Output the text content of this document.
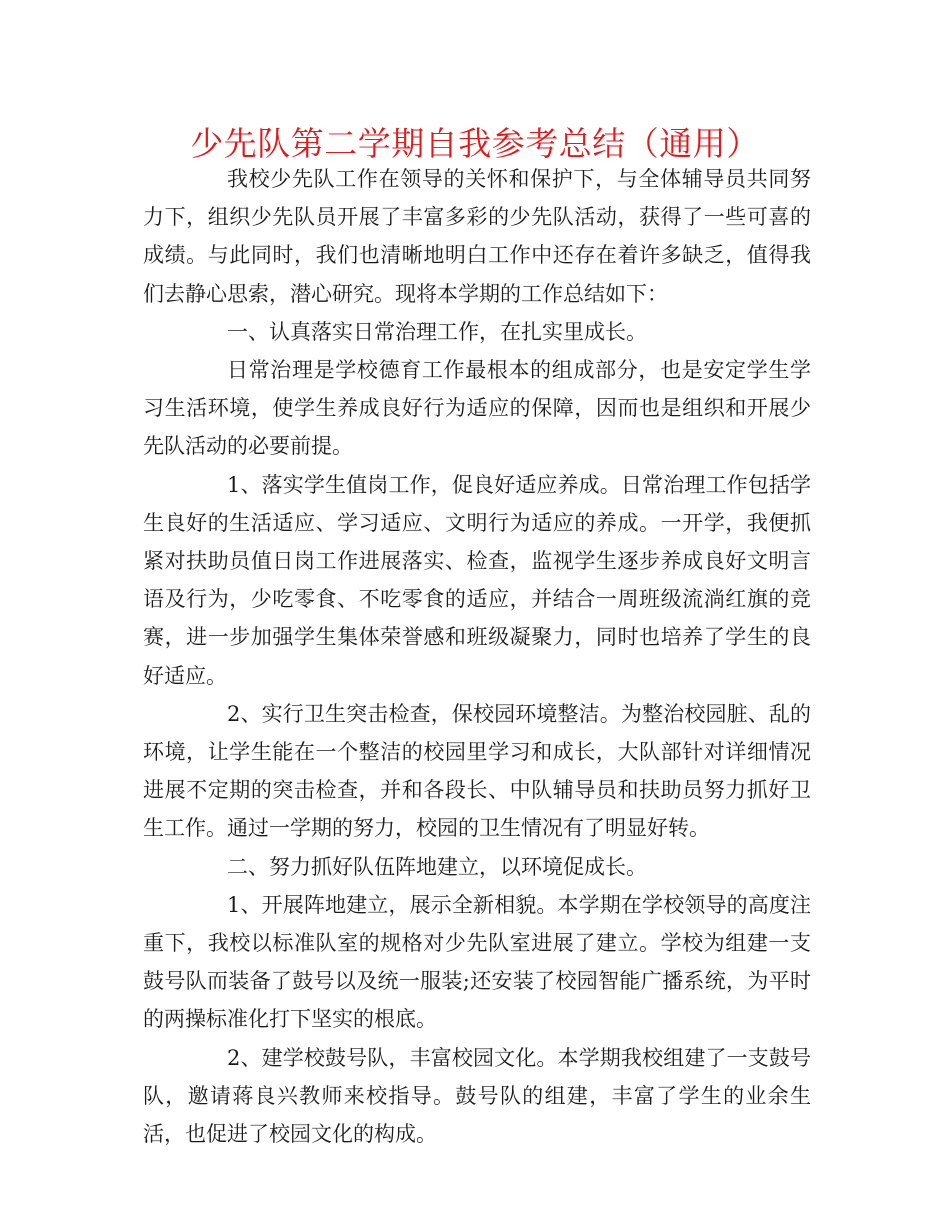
少先队第二学期自我参考总结（通用）

我校少先队工作在领导的关怀和保护下，与全体辅导员共同努力下，组织少先队员开展了丰富多彩的少先队活动，获得了一些可喜的成绩。与此同时，我们也清晰地明白工作中还存在着许多缺乏，值得我们去静心思索，潜心研究。现将本学期的工作总结如下：

一、认真落实日常治理工作，在扎实里成长。

日常治理是学校德育工作最根本的组成部分，也是安定学生学习生活环境，使学生养成良好行为适应的保障，因而也是组织和开展少先队活动的必要前提。

1、落实学生值岗工作，促良好适应养成。日常治理工作包括学生良好的生活适应、学习适应、文明行为适应的养成。一开学，我便抓紧对扶助员值日岗工作进展落实、检查，监视学生逐步养成良好文明言语及行为，少吃零食、不吃零食的适应，并结合一周班级流淌红旗的竞赛，进一步加强学生集体荣誉感和班级凝聚力，同时也培养了学生的良好适应。

2、实行卫生突击检查，保校园环境整洁。为整治校园脏、乱的环境，让学生能在一个整洁的校园里学习和成长，大队部针对详细情况进展不定期的突击检查，并和各段长、中队辅导员和扶助员努力抓好卫生工作。通过一学期的努力，校园的卫生情况有了明显好转。

二、努力抓好队伍阵地建立，以环境促成长。

1、开展阵地建立，展示全新相貌。本学期在学校领导的高度注重下，我校以标准队室的规格对少先队室进展了建立。学校为组建一支鼓号队而装备了鼓号以及统一服装;还安装了校园智能广播系统，为平时的两操标准化打下坚实的根底。

2、建学校鼓号队，丰富校园文化。本学期我校组建了一支鼓号队，邀请蒋良兴教师来校指导。鼓号队的组建，丰富了学生的业余生活，也促进了校园文化的构成。
